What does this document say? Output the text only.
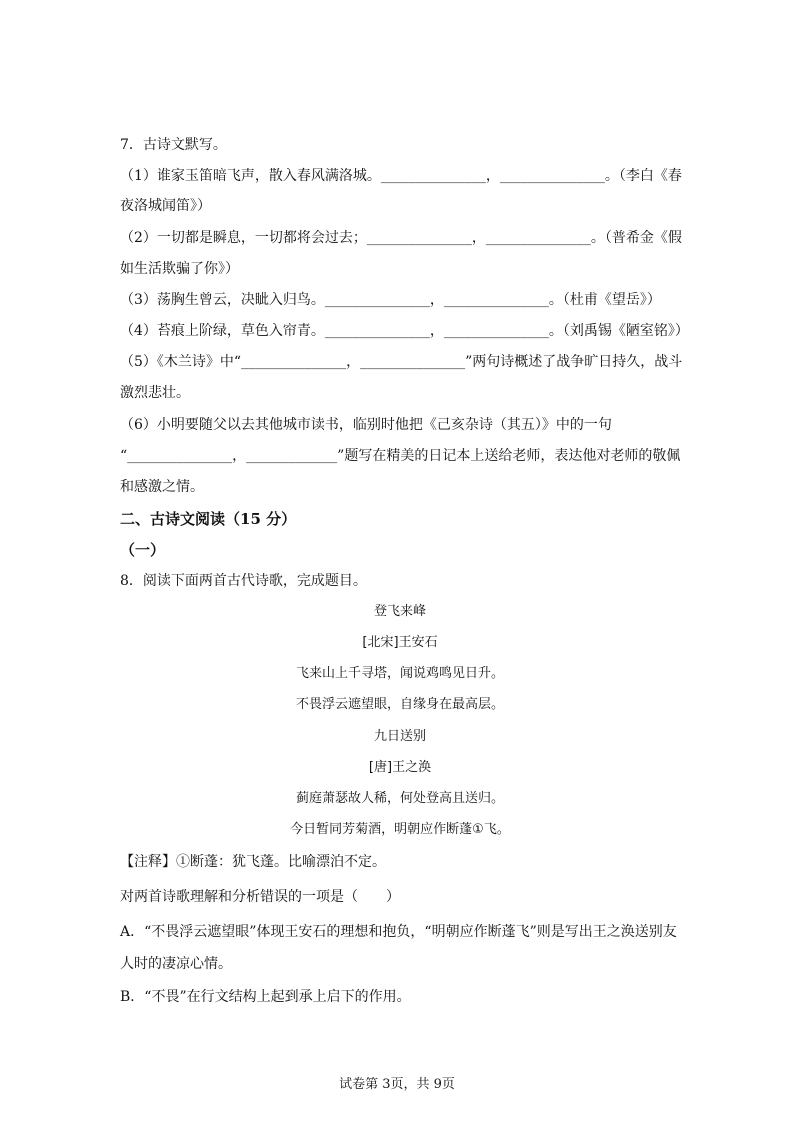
7．古诗文默写。
（1）谁家玉笛暗飞声，散入春风满洛城。_______________，_______________。（李白《春
夜洛城闻笛》）
（2）一切都是瞬息，一切都将会过去；_______________，_______________。（普希金《假
如生活欺骗了你》）
（3）荡胸生曾云，决眦入归鸟。_______________，_______________。（杜甫《望岳》）
（4）苔痕上阶绿，草色入帘青。_______________，_______________。（刘禹锡《陋室铭》）
（5）《木兰诗》中“_______________，_______________”两句诗概述了战争旷日持久，战斗
激烈悲壮。
（6）小明要随父以去其他城市读书，临别时他把《己亥杂诗（其五）》中的一句
“_______________，_____________”题写在精美的日记本上送给老师，表达他对老师的敬佩
和感激之情。
二、古诗文阅读（15 分）
（一）
8．阅读下面两首古代诗歌，完成题目。
登飞来峰
[北宋]王安石
飞来山上千寻塔，闻说鸡鸣见日升。
不畏浮云遮望眼，自缘身在最高层。
九日送别
[唐]王之涣
蓟庭萧瑟故人稀，何处登高且送归。
今日暂同芳菊酒，明朝应作断蓬①飞。
【注释】①断蓬：犹飞蓬。比喻漂泊不定。
对两首诗歌理解和分析错误的一项是（　　）
A．“不畏浮云遮望眼”体现王安石的理想和抱负，“明朝应作断蓬飞”则是写出王之涣送别友
人时的凄凉心情。
B．“不畏”在行文结构上起到承上启下的作用。
试卷第 3页，共 9页
